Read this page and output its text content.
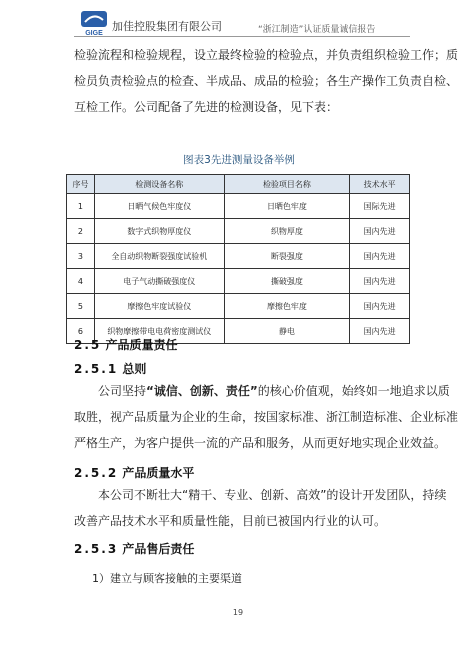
GIGE
加佳控股集团有限公司	“浙江制造”认证质量诚信报告
检验流程和检验规程，设立最终检验的检验点，并负责组织检验工作；质
检员负责检验点的检查、半成品、成品的检验；各生产操作工负责自检、
互检工作。公司配备了先进的检测设备，见下表：
图表3先进测量设备举例
序号	检测设备名称	检验项目名称	技术水平
1	日晒气候色牢度仪	日晒色牢度	国际先进
2	数字式织物厚度仪	织物厚度	国内先进
3	全自动织物断裂强度试验机	断裂强度	国内先进
4	电子气动撕破强度仪	撕破强度	国内先进
5	摩擦色牢度试验仪	摩擦色牢度	国内先进
6	织物摩擦带电电荷密度测试仪	静电	国内先进
2.5 产品质量责任
2.5.1 总则
公司坚持“诚信、创新、责任”的核心价值观，始终如一地追求以质
取胜，视产品质量为企业的生命，按国家标准、浙江制造标准、企业标准
严格生产，为客户提供一流的产品和服务，从而更好地实现企业效益。
2.5.2 产品质量水平
本公司不断壮大“精干、专业、创新、高效”的设计开发团队，持续
改善产品技术水平和质量性能，目前已被国内行业的认可。
2.5.3 产品售后责任
1）建立与顾客接触的主要渠道
19
